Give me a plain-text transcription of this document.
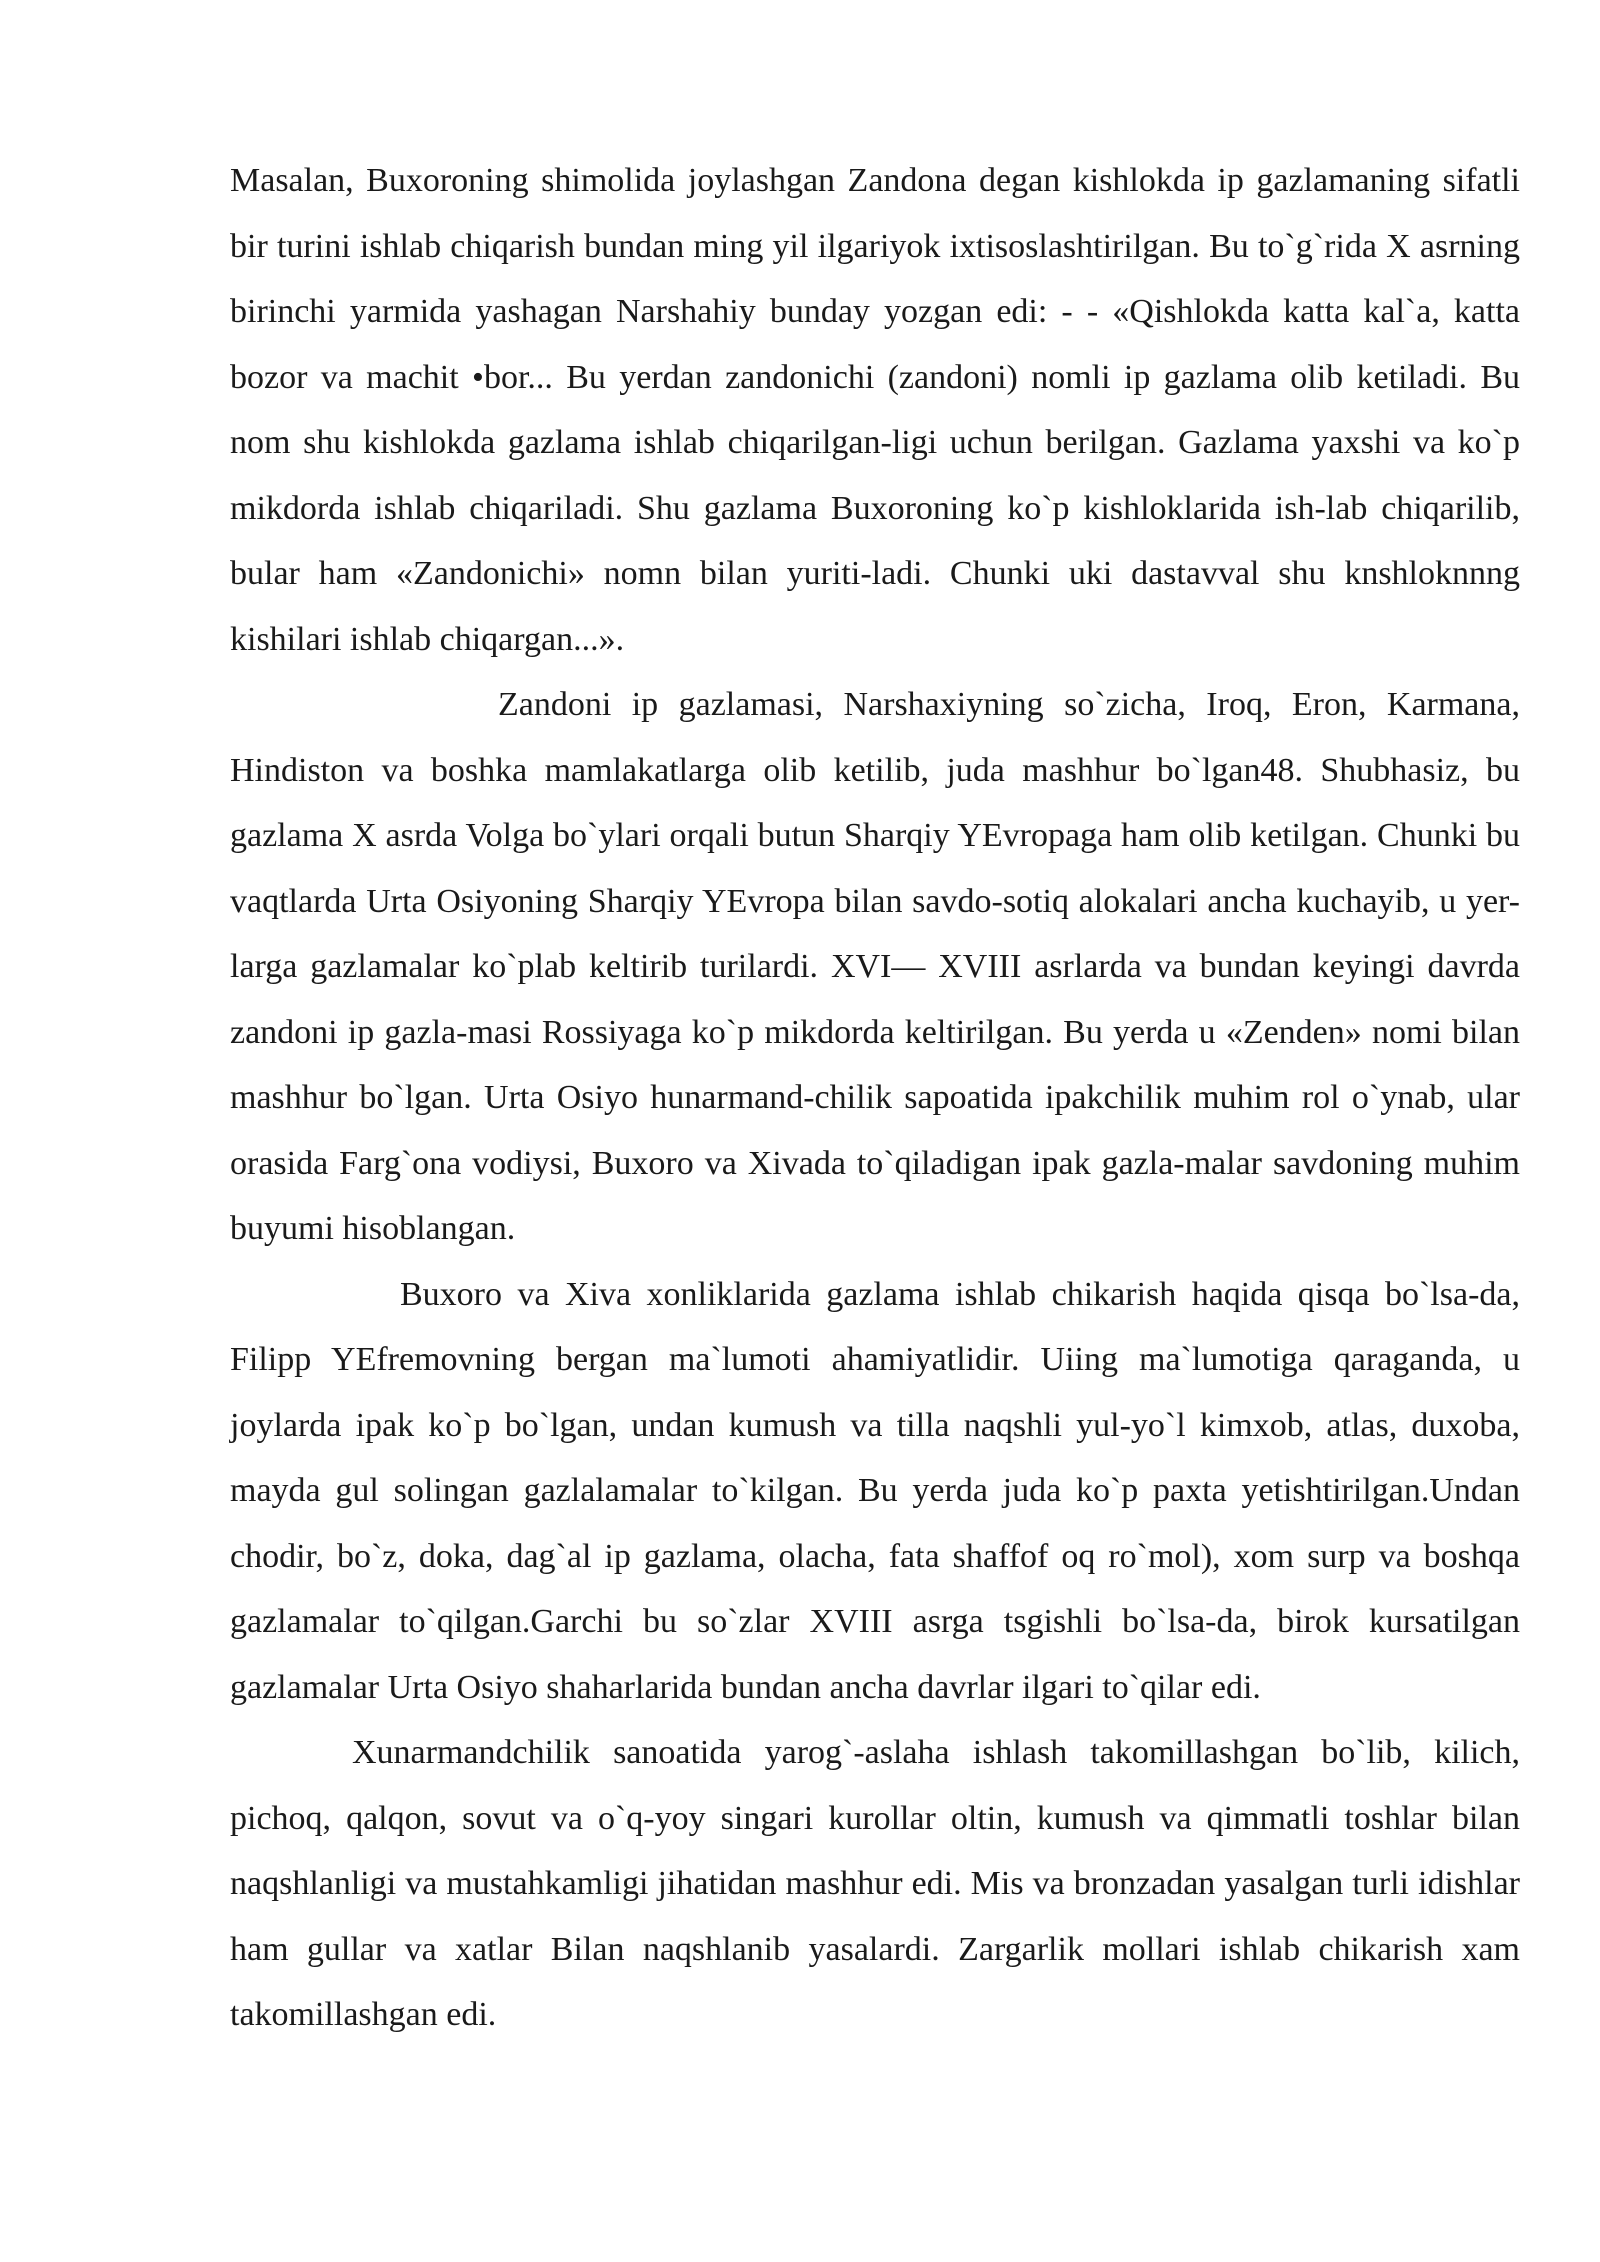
Masalan, Buxoroning shimolida joylashgan Zandona degan kishlokda ip gazlamaning sifatli bir turini ishlab chiqarish bundan ming yil ilgariyok ixtisoslashtirilgan. Bu to`g`rida X asrning birinchi yarmida yashagan Narshahiy bunday yozgan edi: - - «Qishlokda katta kal`a, katta bozor va machit •bor... Bu yerdan zandonichi (zandoni) nomli ip gazlama olib ketiladi. Bu nom shu kishlokda gazlama ishlab chiqarilgan-ligi uchun berilgan. Gazlama yaxshi va ko`p mikdorda ishlab chiqariladi. Shu gazlama Buxoroning ko`p kishloklarida ish-lab chiqarilib, bular ham «Zandonichi» nomn bilan yuriti-ladi. Chunki uki dastavval shu knshloknnng kishilari ishlab chiqargan...».

Zandoni ip gazlamasi, Narshaxiyning so`zicha, Iroq, Eron, Karmana, Hindiston va boshka mamlakatlarga olib ketilib, juda mashhur bo`lgan48. Shubhasiz, bu gazlama X asrda Volga bo`ylari orqali butun Sharqiy YEvropaga ham olib ketilgan. Chunki bu vaqtlarda Urta Osiyoning Sharqiy YEvropa bilan savdo-sotiq alokalari ancha kuchayib, u yer-larga gazlamalar ko`plab keltirib turilardi. XVI— XVIII asrlarda va bundan keyingi davrda zandoni ip gazla-masi Rossiyaga ko`p mikdorda keltirilgan. Bu yerda u «Zenden» nomi bilan mashhur bo`lgan. Urta Osiyo hunarmand-chilik sapoatida ipakchilik muhim rol o`ynab, ular orasida Farg`ona vodiysi, Buxoro va Xivada to`qiladigan ipak gazla-malar savdoning muhim buyumi hisoblangan.

Buxoro va Xiva xonliklarida gazlama ishlab chikarish haqida qisqa bo`lsa-da, Filipp YEfremovning bergan ma`lumoti ahamiyatlidir. Uiing ma`lumotiga qaraganda, u joylarda ipak ko`p bo`lgan, undan kumush va tilla naqshli yul-yo`l kimxob, atlas, duxoba, mayda gul solingan gazlalamalar to`kilgan. Bu yerda juda ko`p paxta yetishtirilgan.Undan chodir, bo`z, doka, dag`al ip gazlama, olacha, fata shaffof oq ro`mol), xom surp va boshqa gazlamalar to`qilgan.Garchi bu so`zlar XVIII asrga tsgishli bo`lsa-da, birok kursatilgan gazlamalar Urta Osiyo shaharlarida bundan ancha davrlar ilgari to`qilar edi.

Xunarmandchilik sanoatida yarog`-aslaha ishlash takomillashgan bo`lib, kilich, pichoq, qalqon, sovut va o`q-yoy singari kurollar oltin, kumush va qimmatli toshlar bilan naqshlanligi va mustahkamligi jihatidan mashhur edi. Mis va bronzadan yasalgan turli idishlar ham gullar va xatlar Bilan naqshlanib yasalardi. Zargarlik mollari ishlab chikarish xam takomillashgan edi.
